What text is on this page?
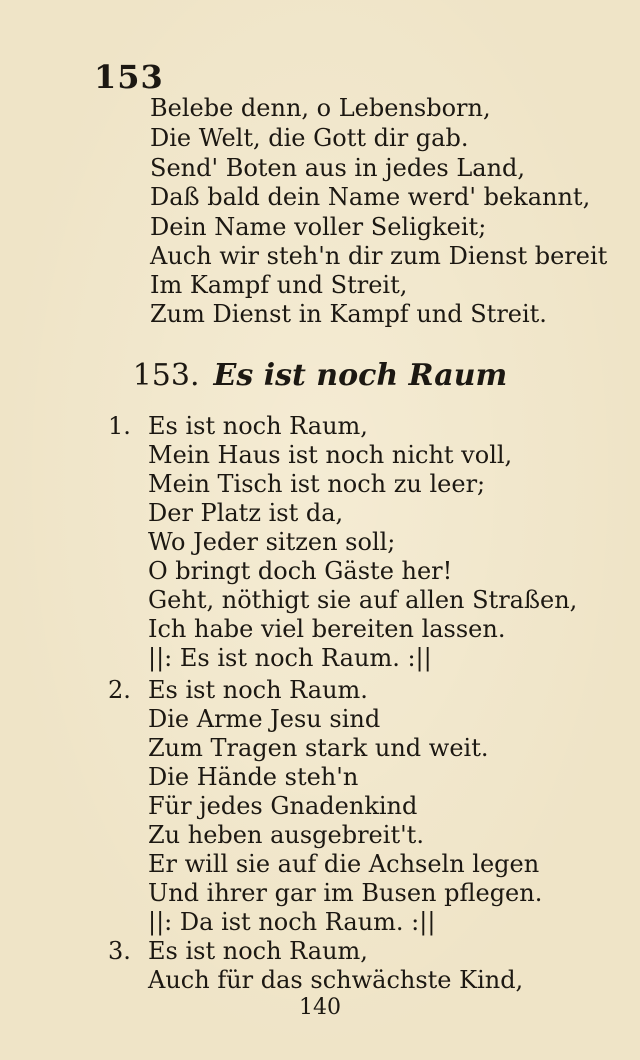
153
Belebe denn, o Lebensborn,
Die Welt, die Gott dir gab.
Send' Boten aus in jedes Land,
Daß bald dein Name werd' bekannt,
Dein Name voller Seligkeit;
Auch wir steh'n dir zum Dienst bereit
Im Kampf und Streit,
Zum Dienst in Kampf und Streit.
153. Es ist noch Raum
1. Es ist noch Raum,
Mein Haus ist noch nicht voll,
Mein Tisch ist noch zu leer;
Der Platz ist da,
Wo Jeder sitzen soll;
O bringt doch Gäste her!
Geht, nöthigt sie auf allen Straßen,
Ich habe viel bereiten lassen.
||: Es ist noch Raum. :||
2. Es ist noch Raum.
Die Arme Jesu sind
Zum Tragen stark und weit.
Die Hände steh'n
Für jedes Gnadenkind
Zu heben ausgebreit't.
Er will sie auf die Achseln legen
Und ihrer gar im Busen pflegen.
||: Da ist noch Raum. :||
3. Es ist noch Raum,
Auch für das schwächste Kind,
140
